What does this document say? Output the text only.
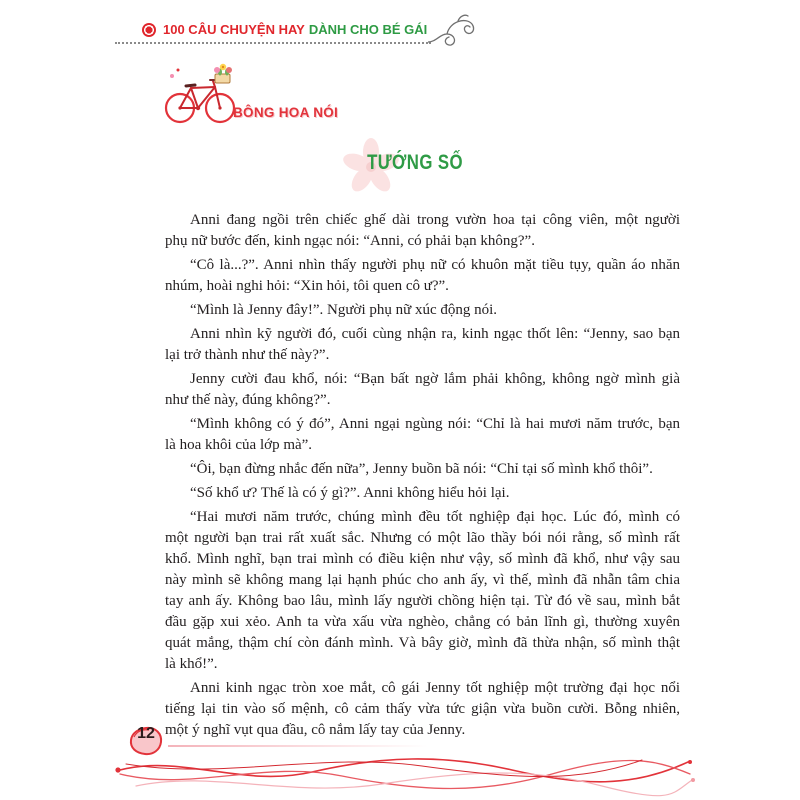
100 CÂU CHUYỆN HAY DÀNH CHO BÉ GÁI
BÔNG HOA NÓI
TƯỚNG SỐ

Anni đang ngồi trên chiếc ghế dài trong vườn hoa tại công viên, một người
phụ nữ bước đến, kinh ngạc nói: “Anni, có phải bạn không?”.

“Cô là...?”. Anni nhìn thấy người phụ nữ có khuôn mặt tiều tụy, quần áo nhăn
nhúm, hoài nghi hỏi: “Xin hỏi, tôi quen cô ư?”.

“Mình là Jenny đây!”. Người phụ nữ xúc động nói.

Anni nhìn kỹ người đó, cuối cùng nhận ra, kinh ngạc thốt lên: “Jenny, sao bạn
lại trở thành như thế này?”.

Jenny cười đau khổ, nói: “Bạn bất ngờ lắm phải không, không ngờ mình già
như thế này, đúng không?”.

“Mình không có ý đó”, Anni ngại ngùng nói: “Chỉ là hai mươi năm trước, bạn
là hoa khôi của lớp mà”.

“Ôi, bạn đừng nhắc đến nữa”, Jenny buồn bã nói: “Chỉ tại số mình khổ thôi”.

“Số khổ ư? Thế là có ý gì?”. Anni không hiểu hỏi lại.

“Hai mươi năm trước, chúng mình đều tốt nghiệp đại học. Lúc đó, mình có
một người bạn trai rất xuất sắc. Nhưng có một lão thầy bói nói rằng, số mình rất
khổ. Mình nghĩ, bạn trai mình có điều kiện như vậy, số mình đã khổ, như vậy sau
này mình sẽ không mang lại hạnh phúc cho anh ấy, vì thế, mình đã nhẫn tâm chia
tay anh ấy. Không bao lâu, mình lấy người chồng hiện tại. Từ đó về sau, mình bắt
đầu gặp xui xẻo. Anh ta vừa xấu vừa nghèo, chẳng có bản lĩnh gì, thường xuyên
quát mắng, thậm chí còn đánh mình. Và bây giờ, mình đã thừa nhận, số mình thật
là khổ!”.

Anni kinh ngạc tròn xoe mắt, cô gái Jenny tốt nghiệp một trường đại học nổi
tiếng lại tin vào số mệnh, cô cảm thấy vừa tức giận vừa buồn cười. Bỗng nhiên,
một ý nghĩ vụt qua đầu, cô nắm lấy tay của Jenny.

12
